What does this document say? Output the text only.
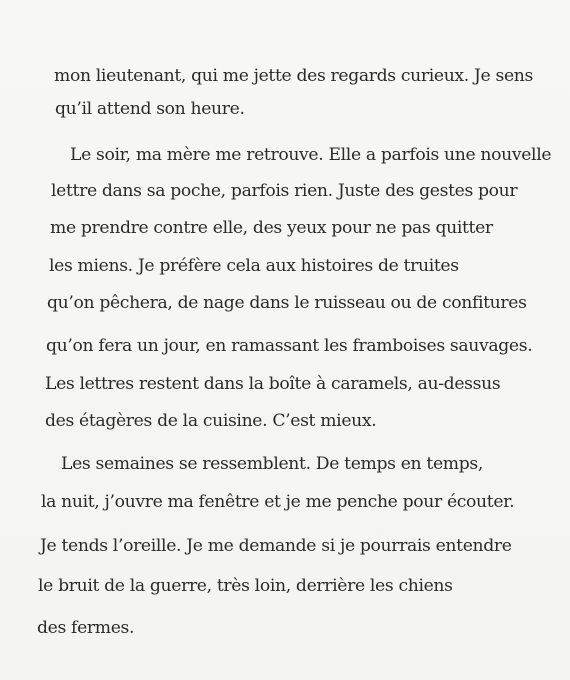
mon lieutenant, qui me jette des regards curieux. Je sens
qu’il attend son heure.
Le soir, ma mère me retrouve. Elle a parfois une nouvelle
lettre dans sa poche, parfois rien. Juste des gestes pour
me prendre contre elle, des yeux pour ne pas quitter
les miens. Je préfère cela aux histoires de truites
qu’on pêchera, de nage dans le ruisseau ou de confitures
qu’on fera un jour, en ramassant les framboises sauvages.
Les lettres restent dans la boîte à caramels, au-dessus
des étagères de la cuisine. C’est mieux.
Les semaines se ressemblent. De temps en temps,
la nuit, j’ouvre ma fenêtre et je me penche pour écouter.
Je tends l’oreille. Je me demande si je pourrais entendre
le bruit de la guerre, très loin, derrière les chiens
des fermes.
